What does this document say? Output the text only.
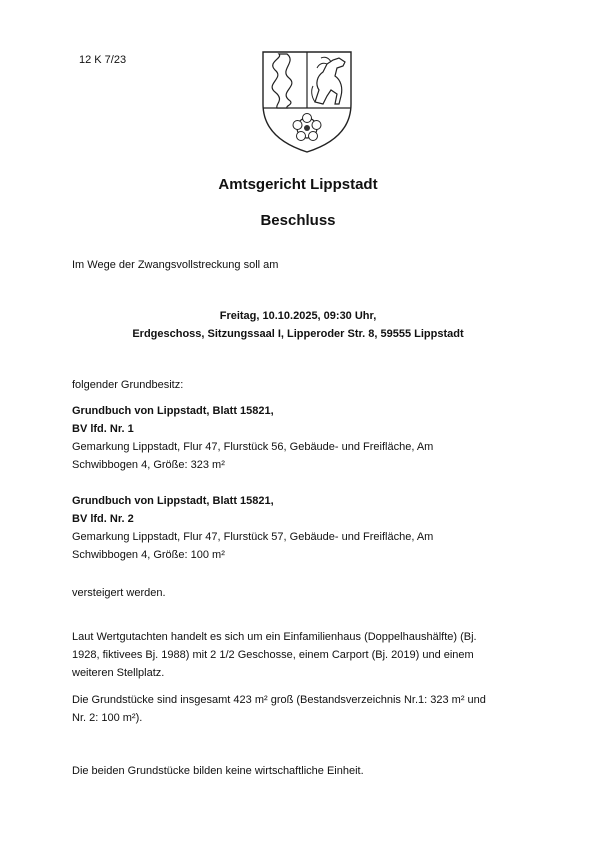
12 K 7/23
Amtsgericht Lippstadt
Beschluss

Im Wege der Zwangsvollstreckung soll am

Freitag, 10.10.2025, 09:30 Uhr,
Erdgeschoss, Sitzungssaal I, Lipperoder Str. 8, 59555 Lippstadt

folgender Grundbesitz:

Grundbuch von Lippstadt, Blatt 15821,

BV lfd. Nr. 1

Gemarkung Lippstadt, Flur 47, Flurstück 56, Gebäude- und Freifläche, Am

Schwibbogen 4, Größe: 323 m²

Grundbuch von Lippstadt, Blatt 15821,

BV lfd. Nr. 2

Gemarkung Lippstadt, Flur 47, Flurstück 57, Gebäude- und Freifläche, Am

Schwibbogen 4, Größe: 100 m²

versteigert werden.

Laut Wertgutachten handelt es sich um ein Einfamilienhaus (Doppelhaushälfte) (Bj.

1928, fiktivees Bj. 1988) mit 2 1/2 Geschosse, einem Carport (Bj. 2019) und einem

weiteren Stellplatz.

Die Grundstücke sind insgesamt 423 m² groß (Bestandsverzeichnis Nr.1: 323 m² und

Nr. 2: 100 m²).

Die beiden Grundstücke bilden keine wirtschaftliche Einheit.
